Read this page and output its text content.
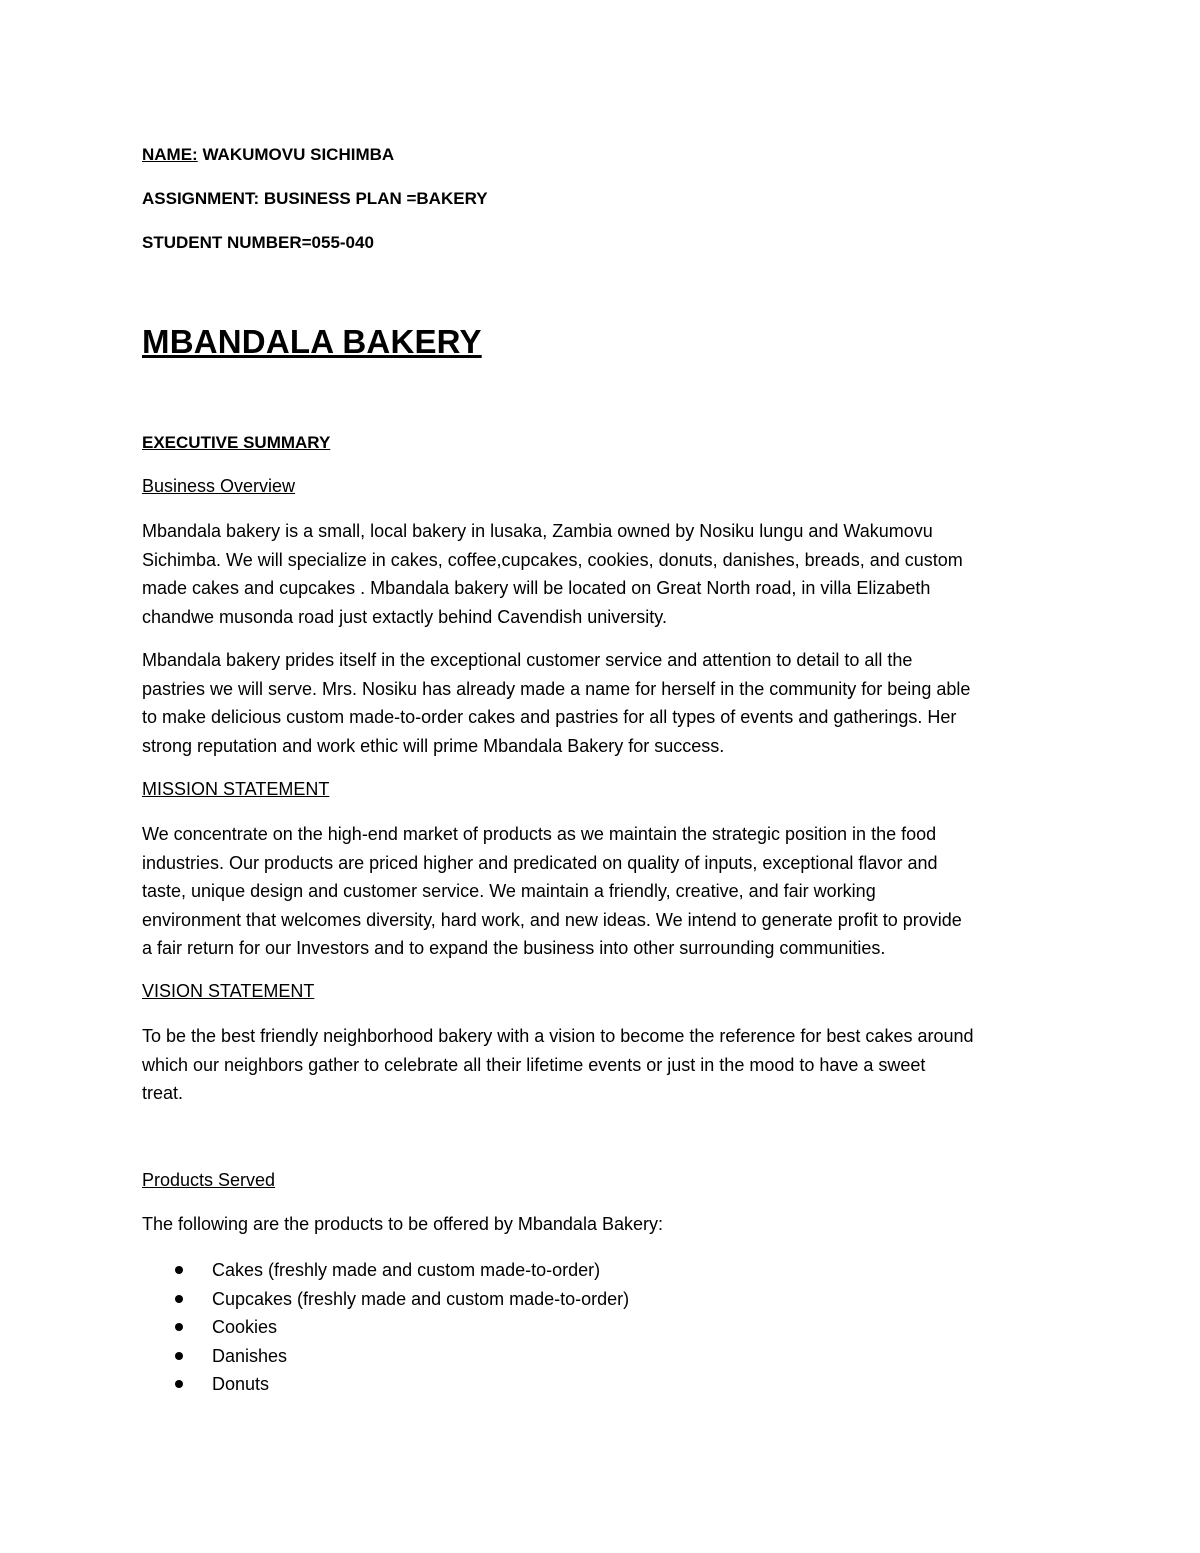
NAME: WAKUMOVU SICHIMBA
ASSIGNMENT: BUSINESS PLAN =BAKERY
STUDENT NUMBER=055-040
MBANDALA BAKERY
EXECUTIVE SUMMARY
Business Overview
Mbandala bakery is a small, local bakery in lusaka, Zambia owned by Nosiku lungu and Wakumovu
Sichimba. We will specialize in cakes, coffee,cupcakes, cookies, donuts, danishes, breads, and custom
made cakes and cupcakes . Mbandala bakery will be located on Great North road, in villa Elizabeth
chandwe musonda road just extactly behind Cavendish university.
Mbandala bakery prides itself in the exceptional customer service and attention to detail to all the
pastries we will serve. Mrs. Nosiku has already made a name for herself in the community for being able
to make delicious custom made-to-order cakes and pastries for all types of events and gatherings. Her
strong reputation and work ethic will prime Mbandala Bakery for success.
MISSION STATEMENT
We concentrate on the high-end market of products as we maintain the strategic position in the food
industries. Our products are priced higher and predicated on quality of inputs, exceptional flavor and
taste, unique design and customer service. We maintain a friendly, creative, and fair working
environment that welcomes diversity, hard work, and new ideas. We intend to generate profit to provide
a fair return for our Investors and to expand the business into other surrounding communities.
VISION STATEMENT
To be the best friendly neighborhood bakery with a vision to become the reference for best cakes around
which our neighbors gather to celebrate all their lifetime events or just in the mood to have a sweet
treat.
Products Served
The following are the products to be offered by Mbandala Bakery:
Cakes (freshly made and custom made-to-order)
Cupcakes (freshly made and custom made-to-order)
Cookies
Danishes
Donuts
